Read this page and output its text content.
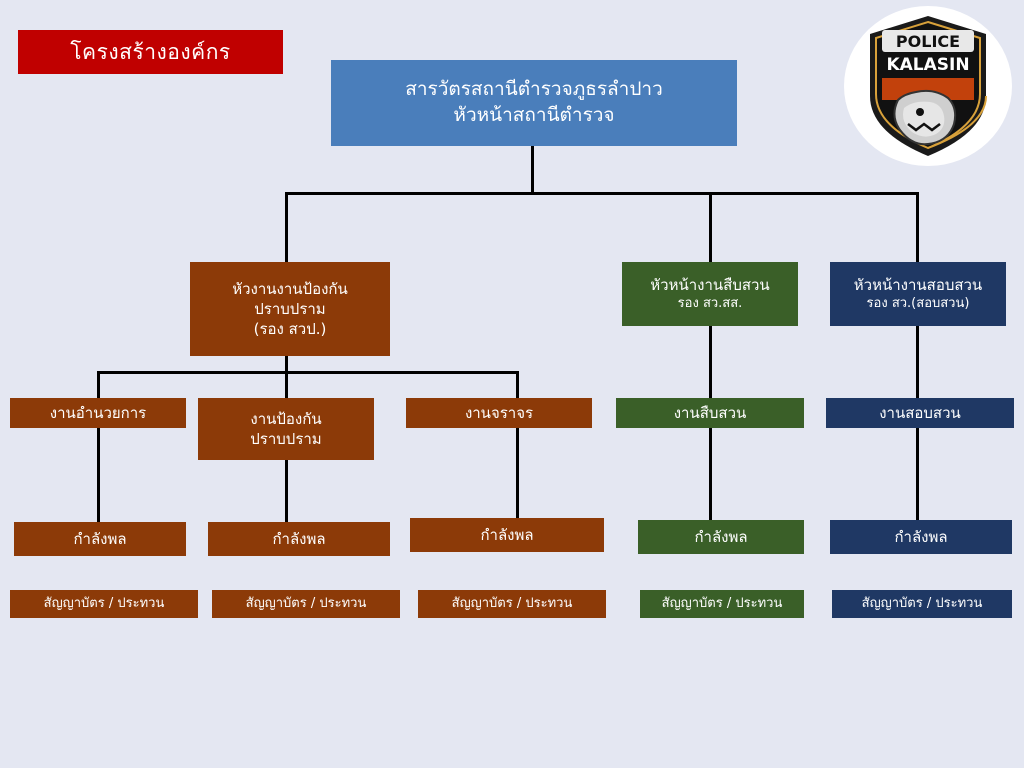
โครงสร้างองค์กร	POLICE
KALASIN
สารวัตรสถานีตำรวจภูธรลำปาว
หัวหน้าสถานีตำรวจ
หัวงานงานป้องกัน
ปราบปราม
(รอง สวป.)
หัวหน้างานสืบสวน
รอง สว.สส.
หัวหน้างานสอบสวน
รอง สว.(สอบสวน)
งานอำนวยการ	งานป้องกัน
ปราบปราม
งานจราจร	งานสืบสวน	งานสอบสวน
กำลังพล	กำลังพล	กำลังพล	กำลังพล	กำลังพล
สัญญาบัตร / ประทวน	สัญญาบัตร / ประทวน	สัญญาบัตร / ประทวน	สัญญาบัตร / ประทวน	สัญญาบัตร / ประทวน
